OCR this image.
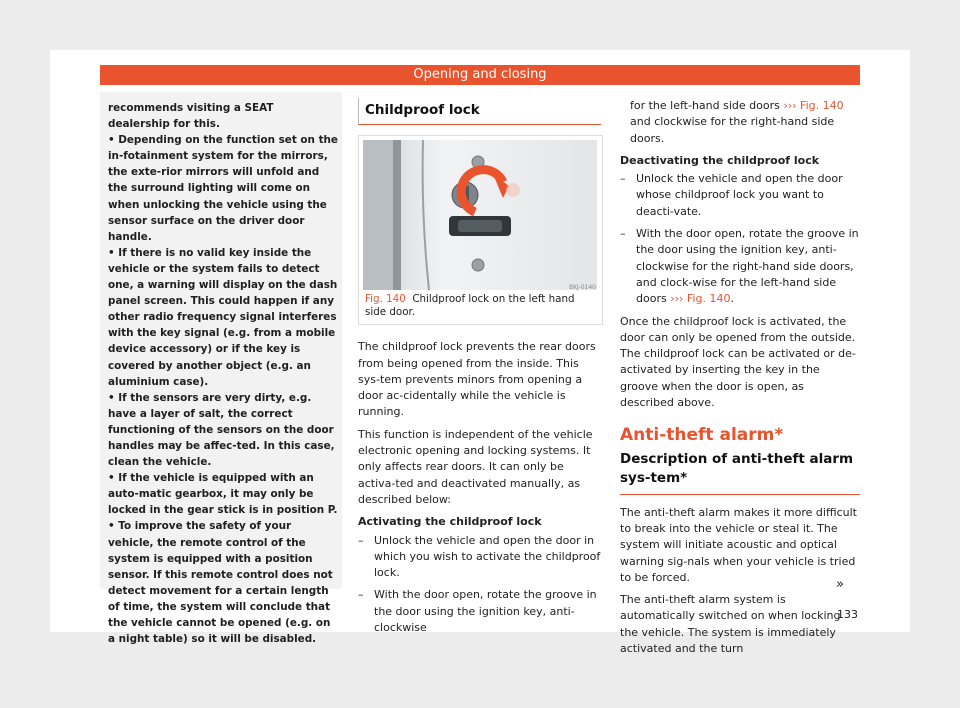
Opening and closing

recommends visiting a SEAT dealership for this.

• Depending on the function set on the in-fotainment system for the mirrors, the exte-rior mirrors will unfold and the surround lighting will come on when unlocking the vehicle using the sensor surface on the driver door handle.

• If there is no valid key inside the vehicle or the system fails to detect one, a warning will display on the dash panel screen. This could happen if any other radio frequency signal interferes with the key signal (e.g. from a mobile device accessory) or if the key is covered by another object (e.g. an aluminium case).

• If the sensors are very dirty, e.g. have a layer of salt, the correct functioning of the sensors on the door handles may be affec-ted. In this case, clean the vehicle.

• If the vehicle is equipped with an auto-matic gearbox, it may only be locked in the gear stick is in position P.

• To improve the safety of your vehicle, the remote control of the system is equipped with a position sensor. If this remote control does not detect movement for a certain length of time, the system will conclude that the vehicle cannot be opened (e.g. on a night table) so it will be disabled.

Childproof lock
BKJ-0140
Fig. 140 Childproof lock on the left hand side door.

The childproof lock prevents the rear doors from being opened from the inside. This sys-tem prevents minors from opening a door ac-cidentally while the vehicle is running.

This function is independent of the vehicle electronic opening and locking systems. It only affects rear doors. It can only be activa-ted and deactivated manually, as described below:

Activating the childproof lock

– Unlock the vehicle and open the door in which you wish to activate the childproof lock.
– With the door open, rotate the groove in the door using the ignition key, anti-clockwise

for the left-hand side doors ››› Fig. 140 and clockwise for the right-hand side doors.

Deactivating the childproof lock

– Unlock the vehicle and open the door whose childproof lock you want to deacti-vate.
– With the door open, rotate the groove in the door using the ignition key, anti-clockwise for the right-hand side doors, and clock-wise for the left-hand side doors ››› Fig. 140.

Once the childproof lock is activated, the door can only be opened from the outside. The childproof lock can be activated or de-activated by inserting the key in the groove when the door is open, as described above.

Anti-theft alarm*
Description of anti-theft alarm sys-tem*

The anti-theft alarm makes it more difficult to break into the vehicle or steal it. The system will initiate acoustic and optical warning sig-nals when your vehicle is tried to be forced.

The anti-theft alarm system is automatically switched on when locking the vehicle. The system is immediately activated and the turn

»
133
